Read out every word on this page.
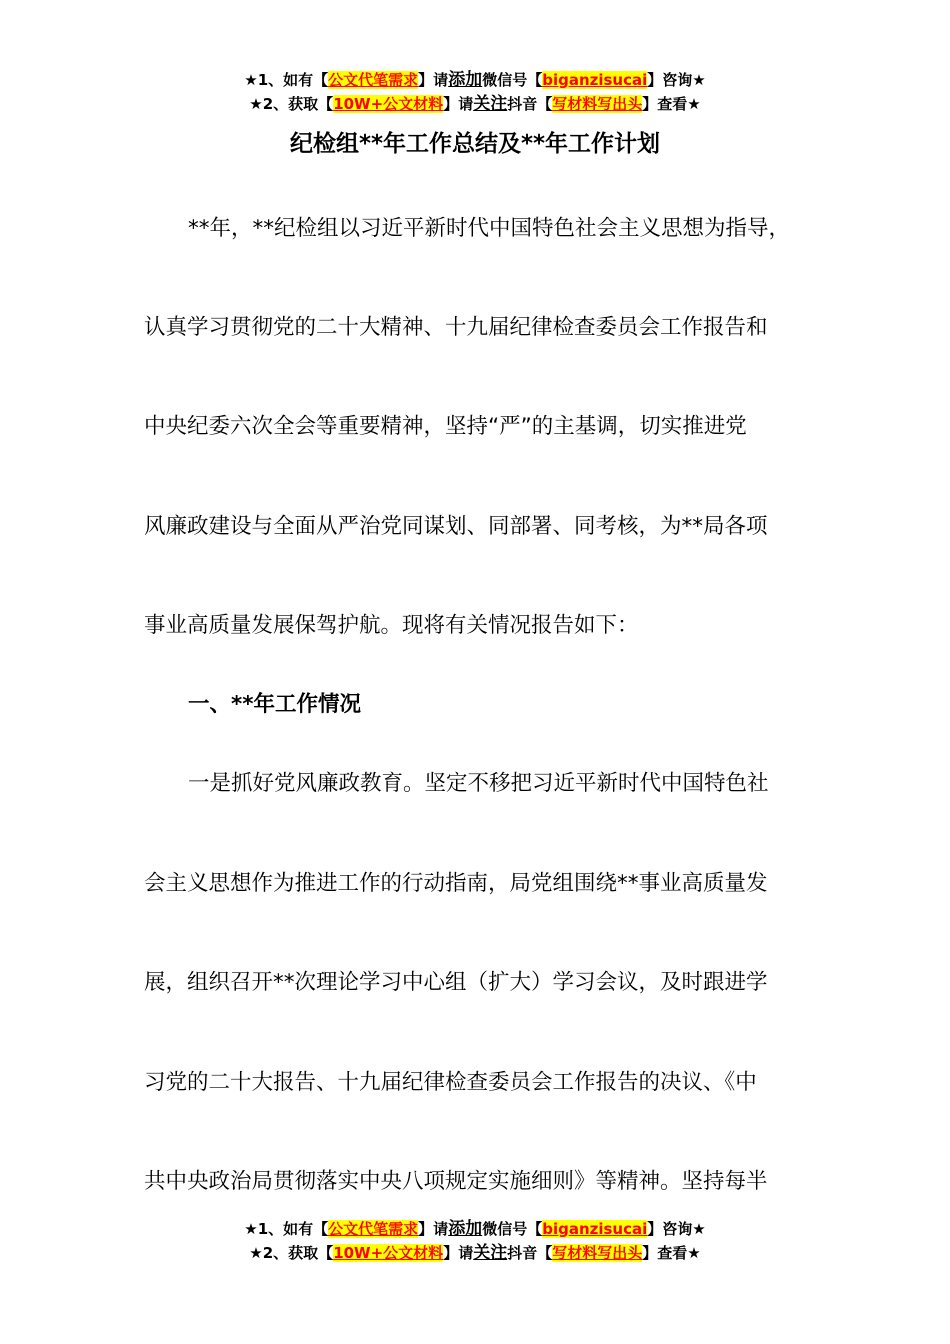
★1、如有【公文代笔需求】请添加微信号【biganzisucai】咨询★
★2、获取【10W+公文材料】请关注抖音【写材料写出头】查看★
纪检组**年工作总结及**年工作计划
**年，**纪检组以习近平新时代中国特色社会主义思想为指导，
认真学习贯彻党的二十大精神、十九届纪律检查委员会工作报告和
中央纪委六次全会等重要精神，坚持“严”的主基调，切实推进党
风廉政建设与全面从严治党同谋划、同部署、同考核，为**局各项
事业高质量发展保驾护航。现将有关情况报告如下：
一、**年工作情况
一是抓好党风廉政教育。坚定不移把习近平新时代中国特色社
会主义思想作为推进工作的行动指南，局党组围绕**事业高质量发
展，组织召开**次理论学习中心组（扩大）学习会议，及时跟进学
习党的二十大报告、十九届纪律检查委员会工作报告的决议、《中
共中央政治局贯彻落实中央八项规定实施细则》等精神。坚持每半
★1、如有【公文代笔需求】请添加微信号【biganzisucai】咨询★
★2、获取【10W+公文材料】请关注抖音【写材料写出头】查看★
